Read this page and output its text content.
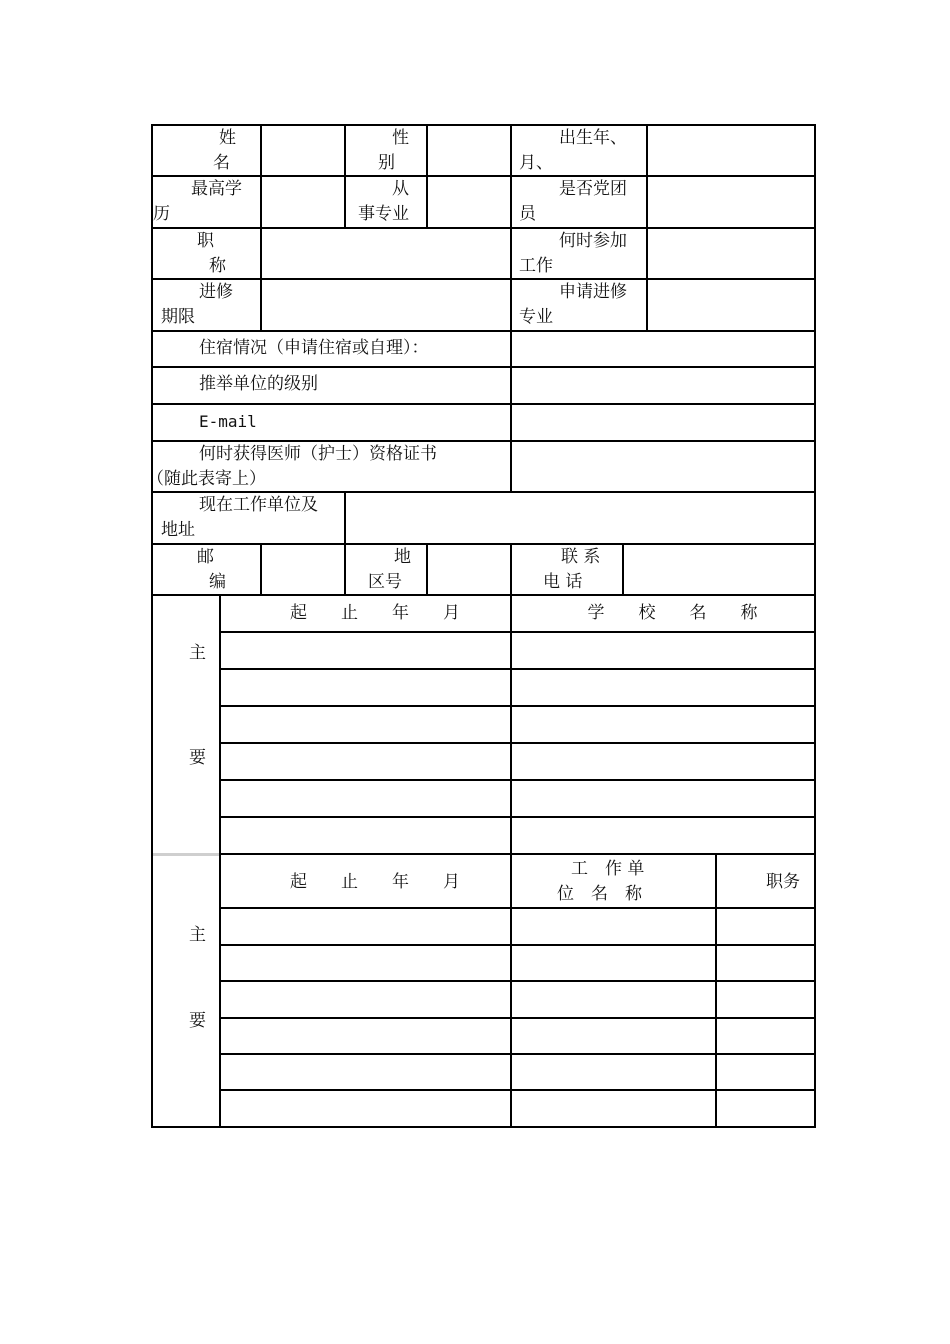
姓
名
性
别
出生年、
月、
最高学
历
从
事专业
是否党团
员
职
称
何时参加
工作
进修
期限
申请进修
专业
住宿情况（申请住宿或自理）：
推举单位的级别
E-mail
何时获得医师（护士）资格证书
（随此表寄上）
现在工作单位及
地址
邮
编
地
区号
联 系
电 话
主
要
起　　止　　年　　月	学　　校　　名　　称
主
要
起　　止　　年　　月
工　作 单
位　名　称
职务
